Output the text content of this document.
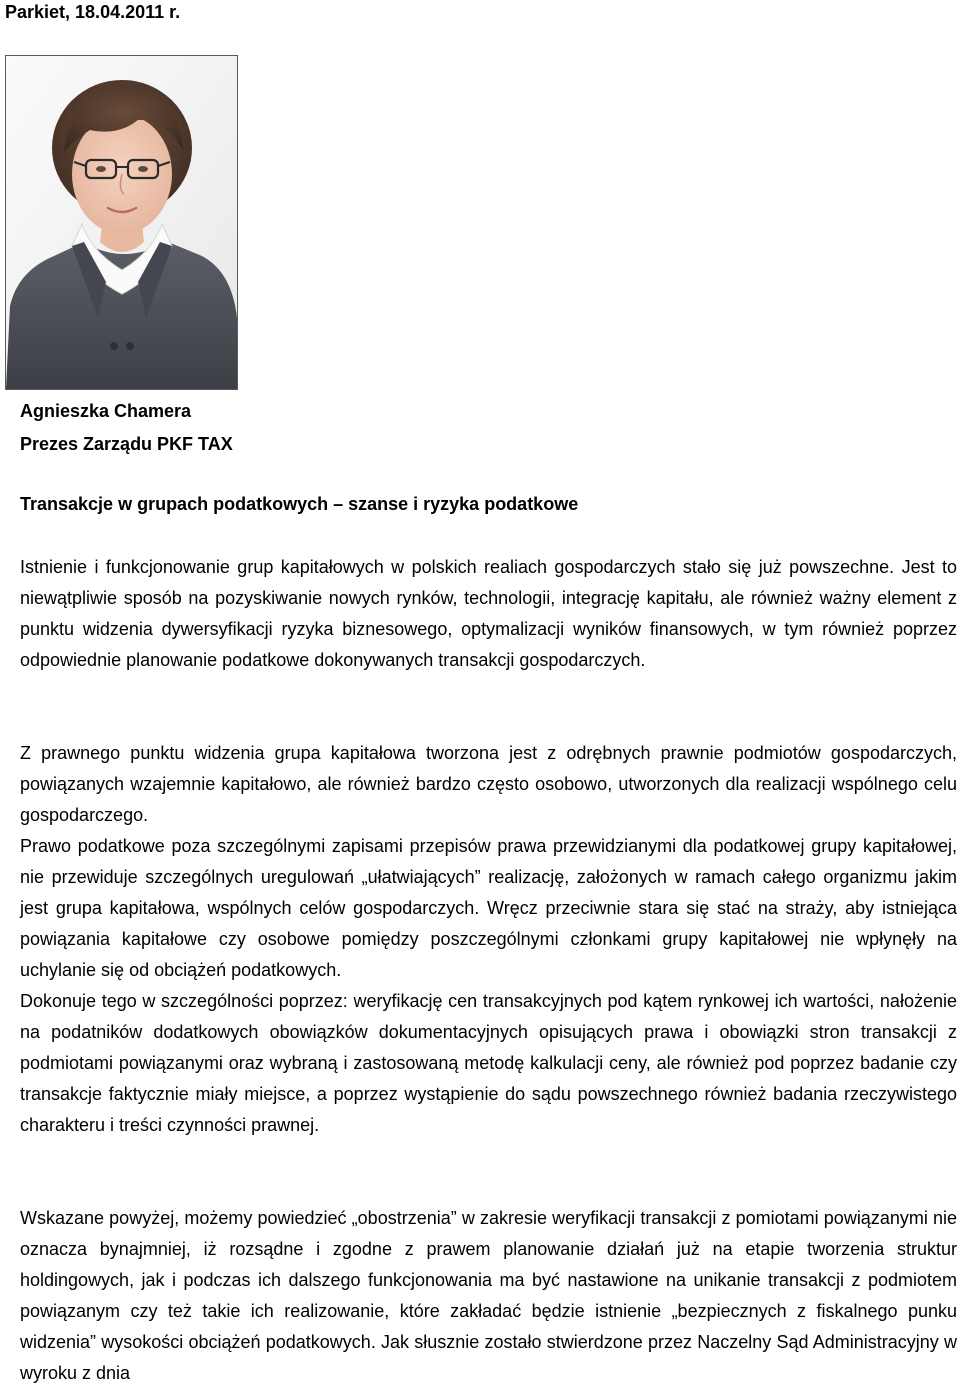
Parkiet, 18.04.2011 r.
Agnieszka Chamera
Prezes Zarządu PKF TAX
Transakcje w grupach podatkowych – szanse i ryzyka podatkowe

Istnienie i funkcjonowanie grup kapitałowych w polskich realiach gospodarczych stało się już powszechne. Jest to niewątpliwie sposób na pozyskiwanie nowych rynków, technologii, integrację kapitału, ale również ważny element z punktu widzenia dywersyfikacji ryzyka biznesowego, optymalizacji wyników finansowych, w tym również poprzez odpowiednie planowanie podatkowe dokonywanych transakcji gospodarczych.

Z prawnego punktu widzenia grupa kapitałowa tworzona jest z odrębnych prawnie podmiotów gospodarczych, powiązanych wzajemnie kapitałowo, ale również bardzo często osobowo, utworzonych dla realizacji wspólnego celu gospodarczego.

Prawo podatkowe poza szczególnymi zapisami przepisów prawa przewidzianymi dla podatkowej grupy kapitałowej, nie przewiduje szczególnych uregulowań „ułatwiających” realizację, założonych w ramach całego organizmu jakim jest grupa kapitałowa, wspólnych celów gospodarczych. Wręcz przeciwnie stara się stać na straży, aby istniejąca powiązania kapitałowe czy osobowe pomiędzy poszczególnymi członkami grupy kapitałowej nie wpłynęły na uchylanie się od obciążeń podatkowych.

Dokonuje tego w szczególności poprzez: weryfikację cen transakcyjnych pod kątem rynkowej ich wartości, nałożenie na podatników dodatkowych obowiązków dokumentacyjnych opisujących prawa i obowiązki stron transakcji z podmiotami powiązanymi oraz wybraną i zastosowaną metodę kalkulacji ceny, ale również pod poprzez badanie czy transakcje faktycznie miały miejsce, a poprzez wystąpienie do sądu powszechnego również badania rzeczywistego charakteru i treści czynności prawnej.

Wskazane powyżej, możemy powiedzieć „obostrzenia” w zakresie weryfikacji transakcji z pomiotami powiązanymi nie oznacza bynajmniej, iż rozsądne i zgodne z prawem planowanie działań już na etapie tworzenia struktur holdingowych, jak i podczas ich dalszego funkcjonowania ma być nastawione na unikanie transakcji z podmiotem powiązanym czy też takie ich realizowanie, które zakładać będzie istnienie „bezpiecznych z fiskalnego punku widzenia” wysokości obciążeń podatkowych. Jak słusznie zostało stwierdzone przez Naczelny Sąd Administracyjny w wyroku z dnia
